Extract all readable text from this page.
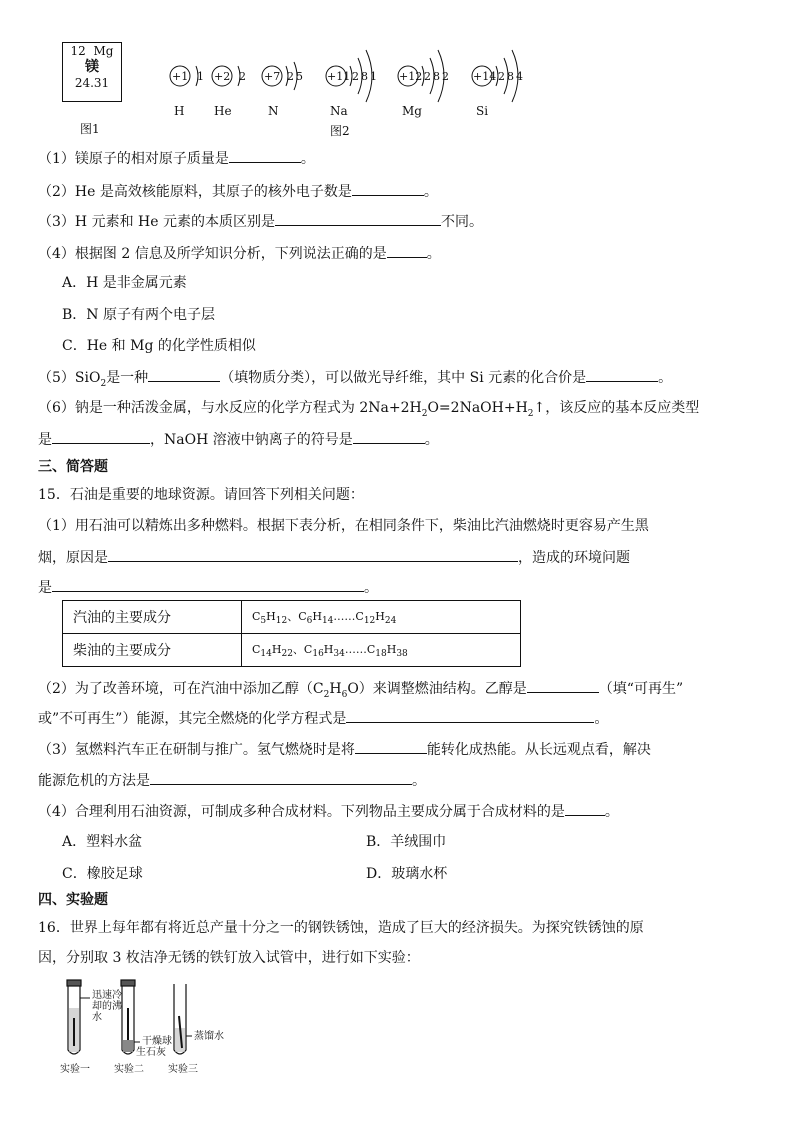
12 Mg
镁
24.31
图1
+1 1 +2 2 +7 2 5 +11 2 8 1 +12 2 8 2 +14 2 8 4
H He	N	Na	Mg	Si
图2
（1）镁原子的相对原子质量是	。
（2）He 是高效核能原料，其原子的核外电子数是	。
（3）H 元素和 He 元素的本质区别是	不同。
（4）根据图 2 信息及所学知识分析，下列说法正确的是	。
A．H 是非金属元素
B．N 原子有两个电子层
C．He 和 Mg 的化学性质相似
（5）SiO$_2$是一种	（填物质分类），可以做光导纤维，其中 Si 元素的化合价是	。
（6）钠是一种活泼金属，与水反应的化学方程式为 $2Na+2H_2O=2NaOH+H_2↑$，该反应的基本反应类型
是	，NaOH 溶液中钠离子的符号是	。
三、简答题
15．石油是重要的地球资源。请回答下列相关问题：
（1）用石油可以精炼出多种燃料。根据下表分析，在相同条件下，柴油比汽油燃烧时更容易产生黑
烟，原因是	，造成的环境问题
是	。
汽油的主要成分	$C_5H_{12}$、$C_6H_{14}\dots\dots C_{12}H_{24}$
柴油的主要成分	$C_{14}H_{22}$、$C_{16}H_{34}\dots\dots C_{18}H_{38}$
（2）为了改善环境，可在汽油中添加乙醇$(C_2H_6O)$来调整燃油结构。乙醇是	（填“可再生”
或”不可再生”）能源，其完全燃烧的化学方程式是	。
（3）氢燃料汽车正在研制与推广。氢气燃烧时是将	能转化成热能。从长远观点看，解决
能源危机的方法是	。
（4）合理利用石油资源，可制成多种合成材料。下列物品主要成分属于合成材料的是	。
A．塑料水盆	B．羊绒围巾
C．橡胶足球	D．玻璃水杯
四、实验题
16．世界上每年都有将近总产量十分之一的钢铁锈蚀，造成了巨大的经济损失。为探究铁锈蚀的原
因，分别取 3 枚洁净无锈的铁钉放入试管中，进行如下实验：
迅速冷却的沸水
干燥球
生石灰
蒸馏水
实验一 实验二 实验三
